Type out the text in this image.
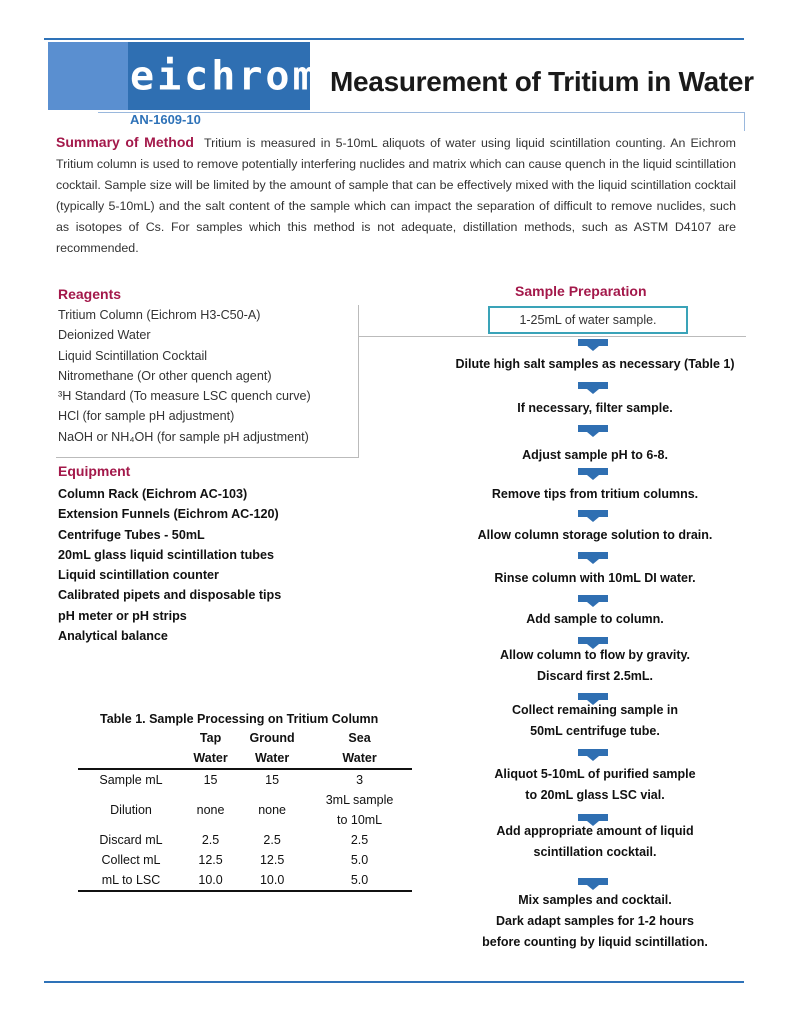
eichrom® Measurement of Tritium in Water
AN-1609-10
Summary of Method Tritium is measured in 5-10mL aliquots of water using liquid scintillation counting. An Eichrom Tritium column is used to remove potentially interfering nuclides and matrix which can cause quench in the liquid scintillation cocktail. Sample size will be limited by the amount of sample that can be effectively mixed with the liquid scintillation cocktail (typically 5-10mL) and the salt content of the sample which can impact the separation of difficult to remove nuclides, such as isotopes of Cs. For samples which this method is not adequate, distillation methods, such as ASTM D4107 are recommended.
Reagents
Tritium Column (Eichrom H3-C50-A)
Deionized Water
Liquid Scintillation Cocktail
Nitromethane (Or other quench agent)
³H Standard (To measure LSC quench curve)
HCl (for sample pH adjustment)
NaOH or NH₄OH (for sample pH adjustment)
Equipment
Column Rack (Eichrom AC-103)
Extension Funnels (Eichrom AC-120)
Centrifuge Tubes - 50mL
20mL glass liquid scintillation tubes
Liquid scintillation counter
Calibrated pipets and disposable tips
pH meter or pH strips
Analytical balance
Sample Preparation
1-25mL of water sample.
Dilute high salt samples as necessary (Table 1)
If necessary, filter sample.
Adjust sample pH to 6-8.
Remove tips from tritium columns.
Allow column storage solution to drain.
Rinse column with 10mL DI water.
Add sample to column.
Allow column to flow by gravity.
Discard first 2.5mL.
Collect remaining sample in
50mL centrifuge tube.
Aliquot 5-10mL of purified sample
to 20mL glass LSC vial.
Add appropriate amount of liquid
scintillation cocktail.
Mix samples and cocktail.
Dark adapt samples for 1-2 hours
before counting by liquid scintillation.
Table 1. Sample Processing on Tritium Column
	Tap	Ground	Sea
	Water	Water	Water
Sample mL	15	15	3

Dilution	none	none	3mL sample
to 10mL

Discard mL	2.5	2.5	2.5

Collect mL	12.5	12.5	5.0

mL to LSC	10.0	10.0	5.0
